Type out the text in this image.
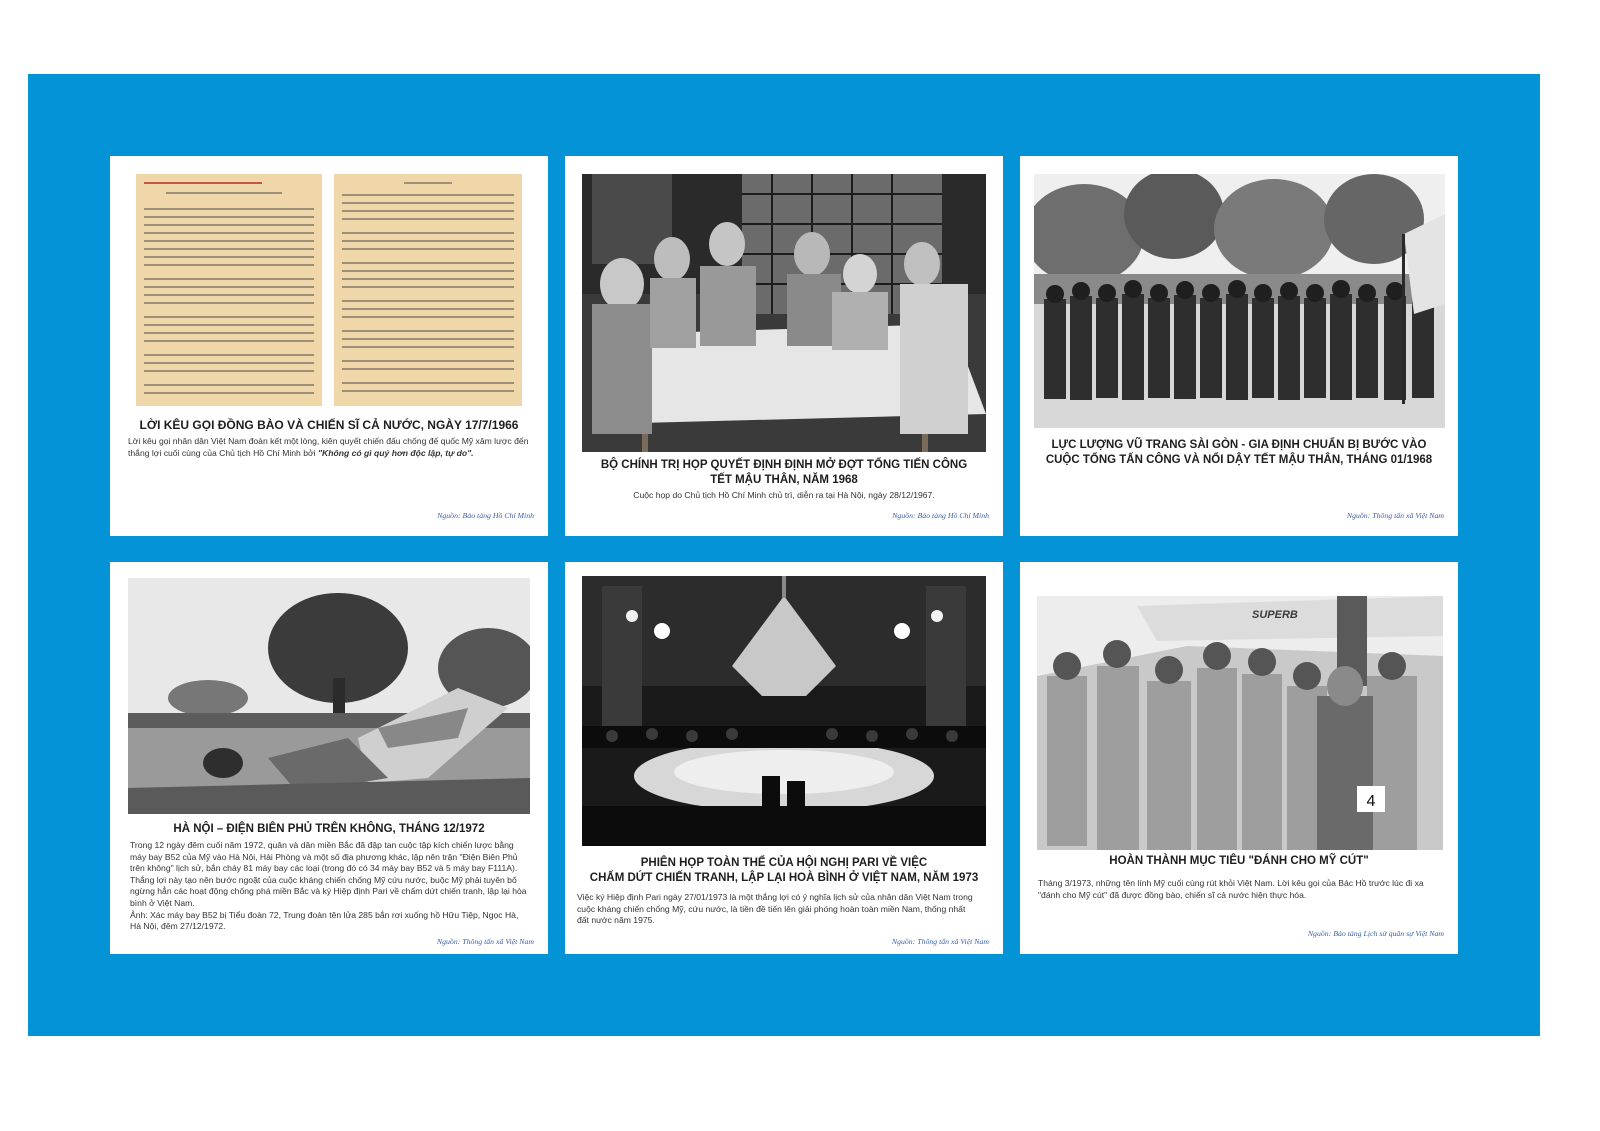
LỜI KÊU GỌI ĐỒNG BÀO VÀ CHIẾN SĨ CẢ NƯỚC, NGÀY 17/7/1966
Lời kêu gọi nhân dân Việt Nam đoàn kết một lòng, kiên quyết chiến đấu chống đế quốc Mỹ xâm lược đến thắng lợi cuối cùng của Chủ tịch Hồ Chí Minh bởi "Không có gì quý hơn độc lập, tự do".
Nguồn: Bảo tàng Hồ Chí Minh
BỘ CHÍNH TRỊ HỌP QUYẾT ĐỊNH ĐỊNH MỞ ĐỢT TỔNG TIẾN CÔNG
TẾT MẬU THÂN, NĂM 1968
Cuộc họp do Chủ tịch Hồ Chí Minh chủ trì, diễn ra tại Hà Nội, ngày 28/12/1967.
Nguồn: Bảo tàng Hồ Chí Minh
LỰC LƯỢNG VŨ TRANG SÀI GÒN - GIA ĐỊNH CHUẨN BỊ BƯỚC VÀO
CUỘC TỔNG TẤN CÔNG VÀ NỔI DẬY TẾT MẬU THÂN, THÁNG 01/1968
Nguồn: Thông tấn xã Việt Nam
HÀ NỘI – ĐIỆN BIÊN PHỦ TRÊN KHÔNG, THÁNG 12/1972
Trong 12 ngày đêm cuối năm 1972, quân và dân miền Bắc đã đập tan cuộc tập kích chiến lược bằng máy bay B52 của Mỹ vào Hà Nội, Hải Phòng và một số địa phương khác, lập nên trận "Điện Biên Phủ trên không" lịch sử, bắn cháy 81 máy bay các loại (trong đó có 34 máy bay B52 và 5 máy bay F111A). Thắng lợi này tạo nên bước ngoặt của cuộc kháng chiến chống Mỹ cứu nước, buộc Mỹ phải tuyên bố ngừng hẳn các hoạt động chống phá miền Bắc và ký Hiệp định Pari về chấm dứt chiến tranh, lập lại hòa bình ở Việt Nam.
Ảnh: Xác máy bay B52 bị Tiểu đoàn 72, Trung đoàn tên lửa 285 bắn rơi xuống hồ Hữu Tiệp, Ngọc Hà, Hà Nội, đêm 27/12/1972.
Nguồn: Thông tấn xã Việt Nam
PHIÊN HỌP TOÀN THỂ CỦA HỘI NGHỊ PARI VỀ VIỆC
CHẤM DỨT CHIẾN TRANH, LẬP LẠI HOÀ BÌNH Ở VIỆT NAM, NĂM 1973
Việc ký Hiệp định Pari ngày 27/01/1973 là một thắng lợi có ý nghĩa lịch sử của nhân dân Việt Nam trong cuộc kháng chiến chống Mỹ, cứu nước, là tiền đề tiến lên giải phóng hoàn toàn miền Nam, thống nhất đất nước năm 1975.
Nguồn: Thông tấn xã Việt Nam
SUPERB
4
HOÀN THÀNH MỤC TIÊU "ĐÁNH CHO MỸ CÚT"
Tháng 3/1973, những tên lính Mỹ cuối cùng rút khỏi Việt Nam. Lời kêu gọi của Bác Hồ trước lúc đi xa "đánh cho Mỹ cút" đã được đồng bào, chiến sĩ cả nước hiện thực hóa.
Nguồn: Bảo tàng Lịch sử quân sự Việt Nam
